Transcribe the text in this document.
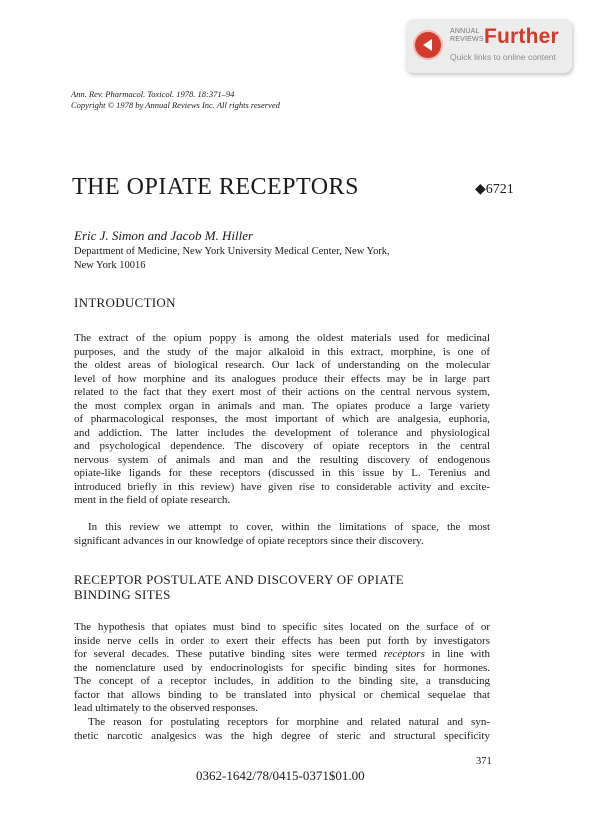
ANNUAL
REVIEWS Further
Quick links to online content
Ann. Rev. Pharmacol. Toxicol. 1978. 18:371–94
Copyright © 1978 by Annual Reviews Inc. All rights reserved
THE OPIATE RECEPTORS	◆6721
Eric J. Simon and Jacob M. Hiller
Department of Medicine, New York University Medical Center, New York,
New York 10016
INTRODUCTION
The extract of the opium poppy is among the oldest materials used for medicinal
purposes, and the study of the major alkaloid in this extract, morphine, is one of
the oldest areas of biological research. Our lack of understanding on the molecular
level of how morphine and its analogues produce their effects may be in large part
related to the fact that they exert most of their actions on the central nervous system,
the most complex organ in animals and man. The opiates produce a large variety
of pharmacological responses, the most important of which are analgesia, euphoria,
and addiction. The latter includes the development of tolerance and physiological
and psychological dependence. The discovery of opiate receptors in the central
nervous system of animals and man and the resulting discovery of endogenous
opiate-like ligands for these receptors (discussed in this issue by L. Terenius and
introduced briefly in this review) have given rise to considerable activity and excite-
ment in the field of opiate research.
In this review we attempt to cover, within the limitations of space, the most
significant advances in our knowledge of opiate receptors since their discovery.
RECEPTOR POSTULATE AND DISCOVERY OF OPIATE
BINDING SITES
The hypothesis that opiates must bind to specific sites located on the surface of or
inside nerve cells in order to exert their effects has been put forth by investigators
for several decades. These putative binding sites were termed receptors in line with
the nomenclature used by endocrinologists for specific binding sites for hormones.
The concept of a receptor includes, in addition to the binding site, a transducing
factor that allows binding to be translated into physical or chemical sequelae that
lead ultimately to the observed responses.
The reason for postulating receptors for morphine and related natural and syn-
thetic narcotic analgesics was the high degree of steric and structural specificity
371
0362-1642/78/0415-0371$01.00
